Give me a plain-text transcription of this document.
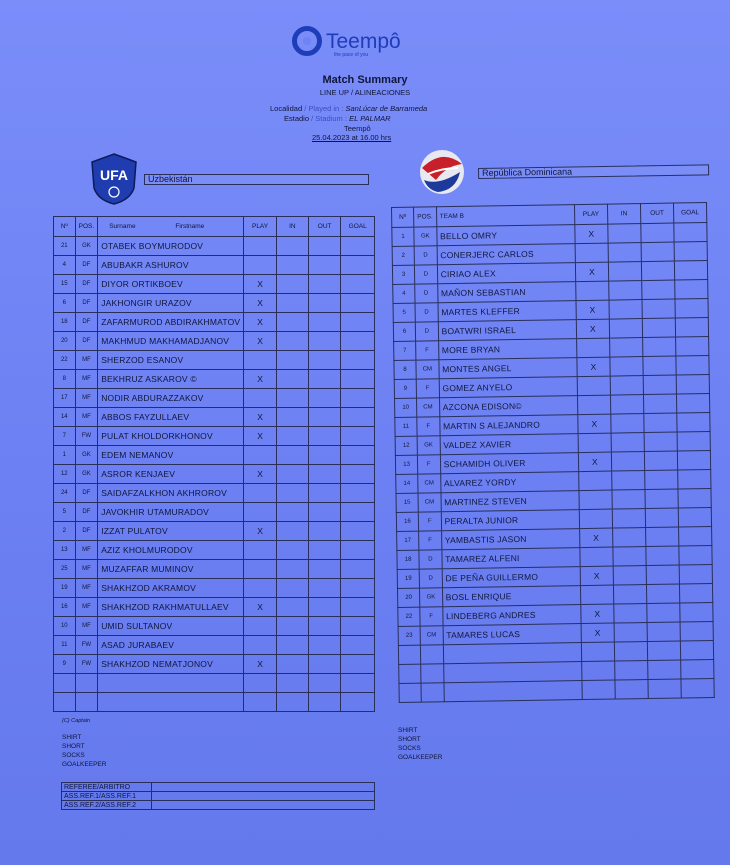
Teempô
the pace of you
Match Summary
LINE UP / ALINEACIONES
Localidad / Played in : SanLúcar de Barrameda
Estadio / Stadium : EL PALMAR
Teempô
25.04.2023 at 16.00 hrs
UFA	Uzbekistán
República Dominicana
Nº	POS.	Surname Firstname	PLAY	IN	OUT	GOAL
21	GK	OTABEK BOYMURODOV				
4	DF	ABUBAKR ASHUROV				
15	DF	DIYOR ORTIKBOEV	X			
6	DF	JAKHONGIR URAZOV	X			
18	DF	ZAFARMUROD ABDIRAKHMATOV	X			
20	DF	MAKHMUD MAKHAMADJANOV	X			
22	MF	SHERZOD ESANOV				
8	MF	BEKHRUZ ASKAROV ©	X			
17	MF	NODIR ABDURAZZAKOV				
14	MF	ABBOS FAYZULLAEV	X			
7	FW	PULAT KHOLDORKHONOV	X			
1	GK	EDEM NEMANOV				
12	GK	ASROR KENJAEV	X			
24	DF	SAIDAFZALKHON AKHROROV				
5	DF	JAVOKHIR UTAMURADOV				
2	DF	IZZAT PULATOV	X			
13	MF	AZIZ KHOLMURODOV				
25	MF	MUZAFFAR MUMINOV				
19	MF	SHAKHZOD AKRAMOV				
16	MF	SHAKHZOD RAKHMATULLAEV	X			
10	MF	UMID SULTANOV				
11	FW	ASAD JURABAEV				
9	FW	SHAKHZOD NEMATJONOV	X			

Nº	POS.	TEAM B	PLAY	IN	OUT	GOAL
1	GK	BELLO OMRY	X			
2	D	CONERJERC CARLOS				
3	D	CIRIAO ALEX	X			
4	D	MAÑON SEBASTIAN				
5	D	MARTES KLEFFER	X			
6	D	BOATWRI ISRAEL	X			
7	F	MORE BRYAN				
8	CM	MONTES ANGEL	X			
9	F	GOMEZ ANYELO				
10	CM	AZCONA EDISON©				
11	F	MARTIN S ALEJANDRO	X			
12	GK	VALDEZ XAVIER				
13	F	SCHAMIDH OLIVER	X			
14	CM	ALVAREZ YORDY				
15	CM	MARTINEZ STEVEN				
16	F	PERALTA JUNIOR				
17	F	YAMBASTIS JASON	X			
18	D	TAMAREZ ALFENI				
19	D	DE PEÑA GUILLERMO	X			
20	GK	BOSL ENRIQUE				
22	F	LINDEBERG ANDRES	X			
23	CM	TAMARES LUCAS	X			

(C) Captain
SHIRT
SHORT
SOCKS
GOALKEEPER
SHIRT
SHORT
SOCKS
GOALKEEPER
REFEREE/ARBITRO	
ASS.REF.1/ASS.REF.1	
ASS.REF.2/ASS.REF.2	
